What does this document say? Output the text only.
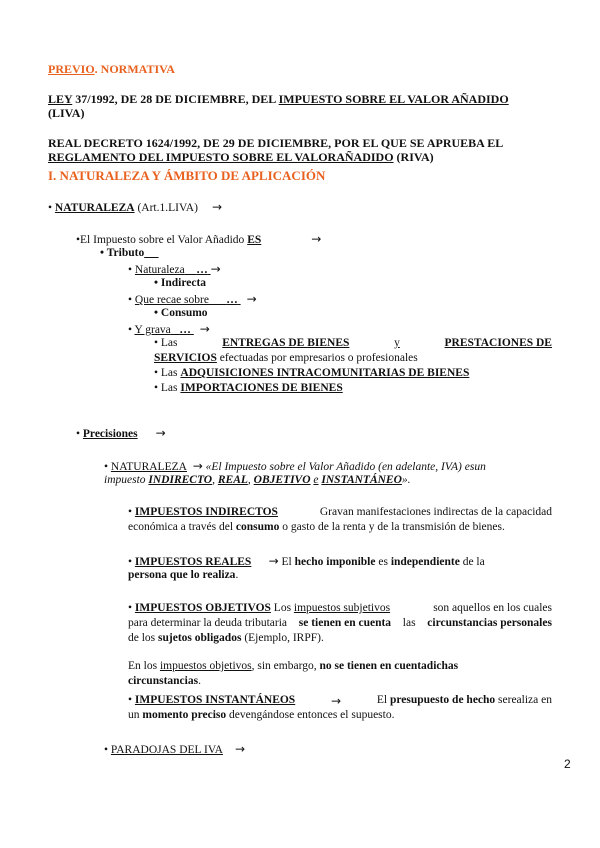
PREVIO. NORMATIVA
LEY 37/1992, DE 28 DE DICIEMBRE, DEL IMPUESTO SOBRE EL VALOR AÑADIDO
(LIVA)
REAL DECRETO 1624/1992, DE 29 DE DICIEMBRE, POR EL QUE SE APRUEBA EL
REGLAMENTO DEL IMPUESTO SOBRE EL VALORAÑADIDO (RIVA)
I. NATURALEZA Y ÁMBITO DE APLICACIÓN
• NATURALEZA (Art.1.LIVA) →
•El Impuesto sobre el Valor Añadido ES	→
• Tributo
• Naturaleza … →
• Indirecta
• Que recae sobre … →
• Consumo
• Y grava … →
• Las	ENTREGAS DE BIENES	y	PRESTACIONES DE
SERVICIOS efectuadas por empresarios o profesionales
• Las ADQUISICIONES INTRACOMUNITARIAS DE BIENES
• Las IMPORTACIONES DE BIENES
• Precisiones →
• NATURALEZA → «El Impuesto sobre el Valor Añadido (en adelante, IVA) esun
impuesto INDIRECTO, REAL, OBJETIVO e INSTANTÁNEO».
• IMPUESTOS INDIRECTOS	Gravan manifestaciones indirectas de la capacidad
económica a través del consumo o gasto de la renta y de la transmisión de bienes.
• IMPUESTOS REALES → El hecho imponible es independiente de la
persona que lo realiza.
• IMPUESTOS OBJETIVOS Los impuestos subjetivos	son aquellos en los cuales
para determinar la deuda tributaria se tienen en cuenta las circunstancias personales
de los sujetos obligados (Ejemplo, IRPF).
En los impuestos objetivos, sin embargo, no se tienen en cuentadichas
circunstancias.
• IMPUESTOS INSTANTÁNEOS	→	El presupuesto de hecho serealiza en
un momento preciso devengándose entonces el supuesto.
• PARADOJAS DEL IVA →
2
